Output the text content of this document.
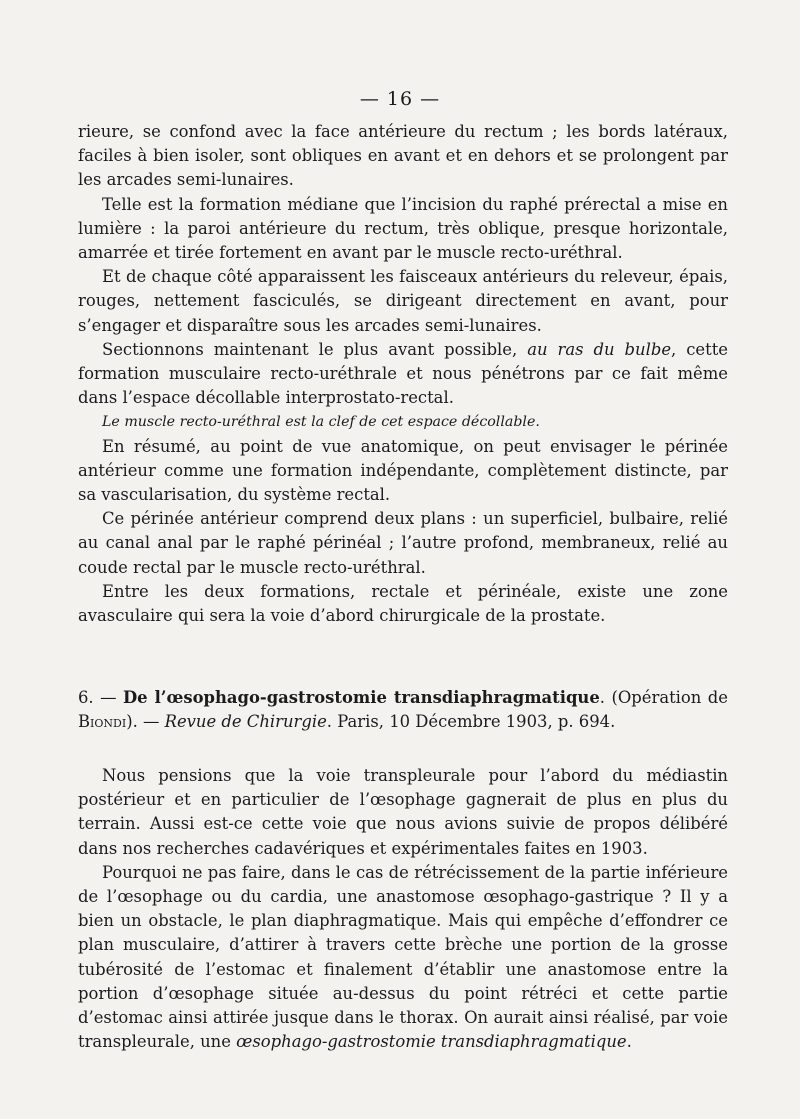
— 16 —

rieure, se confond avec la face antérieure du rectum ; les bords latéraux, faciles à bien isoler, sont obliques en avant et en dehors et se prolongent par les arcades semi-lunaires.

Telle est la formation médiane que l’incision du raphé prérectal a mise en lumière : la paroi antérieure du rectum, très oblique, presque horizontale, amarrée et tirée fortement en avant par le muscle recto-uréthral.

Et de chaque côté apparaissent les faisceaux antérieurs du releveur, épais, rouges, nettement fasciculés, se dirigeant directement en avant, pour s’engager et disparaître sous les arcades semi-lunaires.

Sectionnons maintenant le plus avant possible, au ras du bulbe, cette formation musculaire recto-uréthrale et nous pénétrons par ce fait même dans l’espace décollable interprostato-rectal.

Le muscle recto-uréthral est la clef de cet espace décollable.

En résumé, au point de vue anatomique, on peut envisager le périnée antérieur comme une formation indépendante, complètement distincte, par sa vascularisation, du système rectal.

Ce périnée antérieur comprend deux plans : un superficiel, bulbaire, relié au canal anal par le raphé périnéal ; l’autre profond, membraneux, relié au coude rectal par le muscle recto-uréthral.

Entre les deux formations, rectale et périnéale, existe une zone avasculaire qui sera la voie d’abord chirurgicale de la prostate.

6. — De l’œsophago-gastrostomie transdiaphragmatique. (Opération de Biondi). — Revue de Chirurgie. Paris, 10 Décembre 1903, p. 694.

Nous pensions que la voie transpleurale pour l’abord du médiastin postérieur et en particulier de l’œsophage gagnerait de plus en plus du terrain. Aussi est-ce cette voie que nous avions suivie de propos délibéré dans nos recherches cadavériques et expérimentales faites en 1903.

Pourquoi ne pas faire, dans le cas de rétrécissement de la partie inférieure de l’œsophage ou du cardia, une anastomose œsophago-gastrique ? Il y a bien un obstacle, le plan diaphragmatique. Mais qui empêche d’effondrer ce plan musculaire, d’attirer à travers cette brèche une portion de la grosse tubérosité de l’estomac et finalement d’établir une anastomose entre la portion d’œsophage située au-dessus du point rétréci et cette partie d’estomac ainsi attirée jusque dans le thorax. On aurait ainsi réalisé, par voie transpleurale, une œsophago-gastrostomie transdiaphragmatique.
